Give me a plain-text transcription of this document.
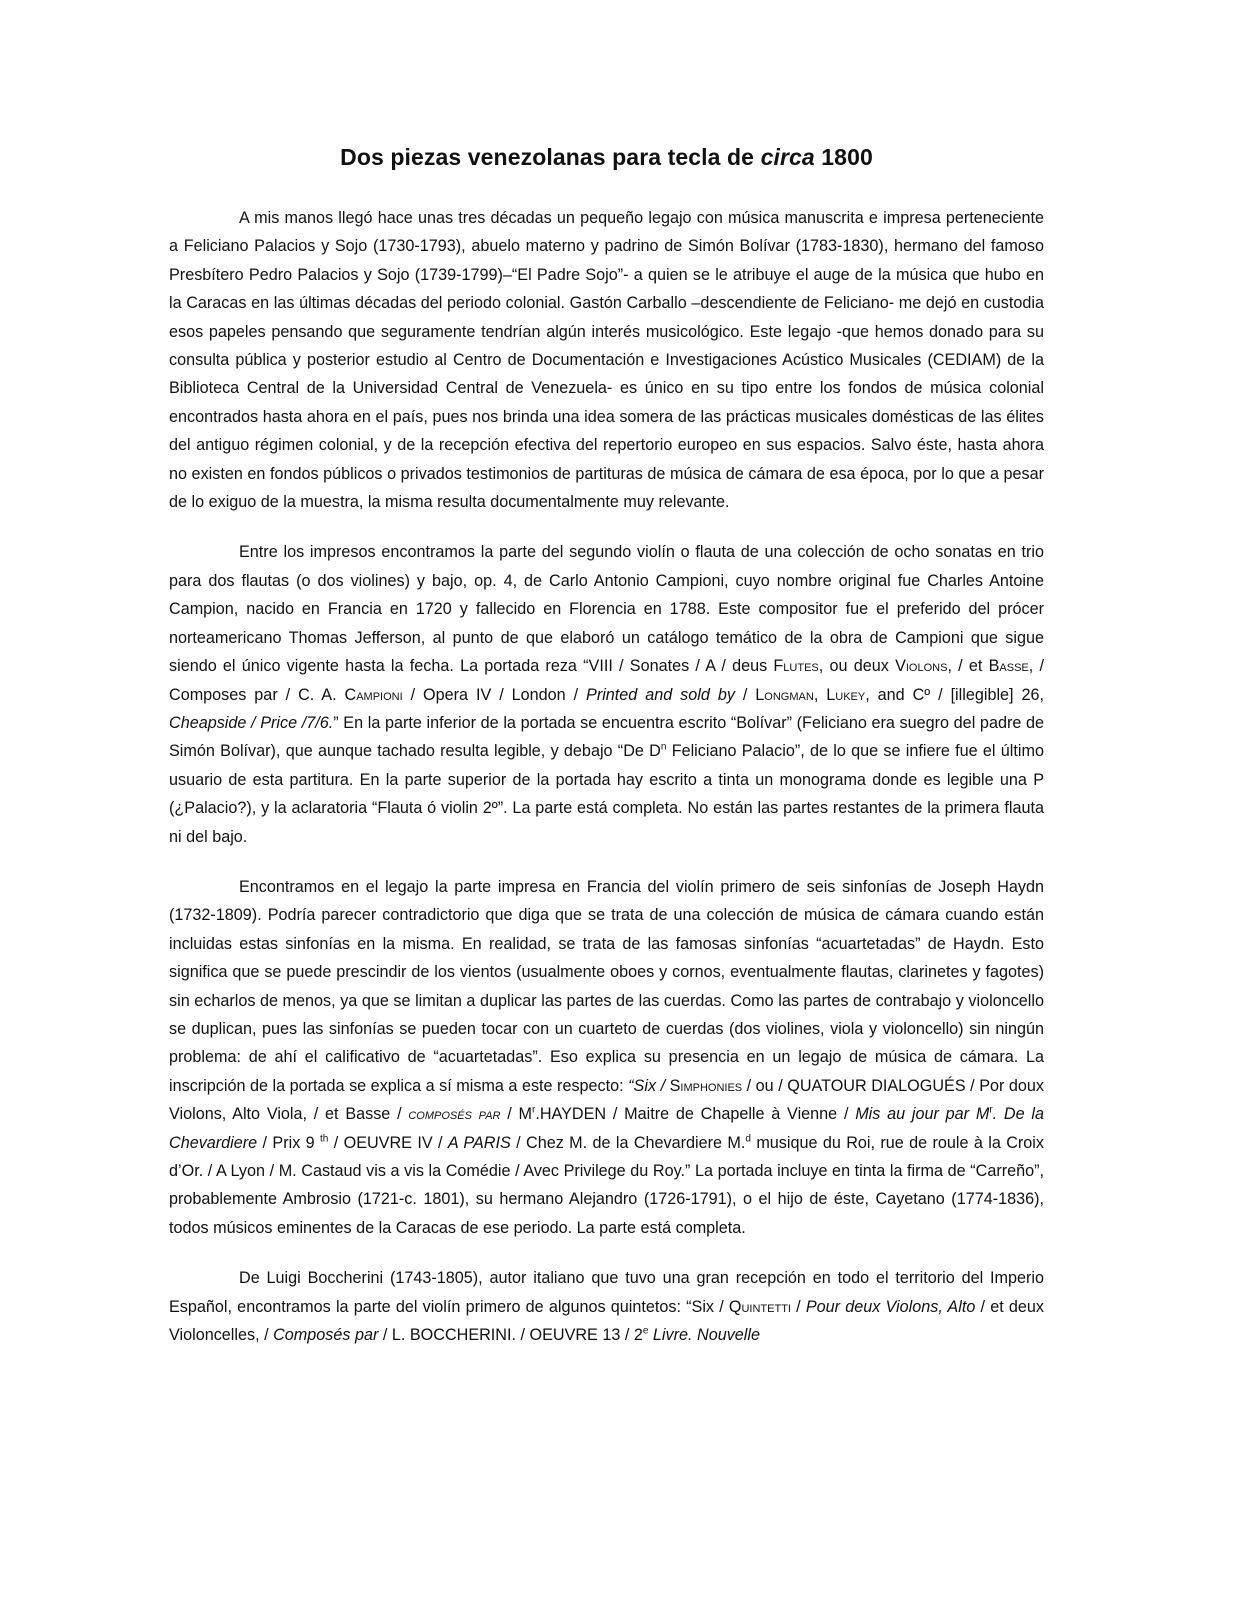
Dos piezas venezolanas para tecla de circa 1800

A mis manos llegó hace unas tres décadas un pequeño legajo con música manuscrita e impresa perteneciente a Feliciano Palacios y Sojo (1730-1793), abuelo materno y padrino de Simón Bolívar (1783-1830), hermano del famoso Presbítero Pedro Palacios y Sojo (1739-1799)–“El Padre Sojo”- a quien se le atribuye el auge de la música que hubo en la Caracas en las últimas décadas del periodo colonial. Gastón Carballo –descendiente de Feliciano- me dejó en custodia esos papeles pensando que seguramente tendrían algún interés musicológico. Este legajo -que hemos donado para su consulta pública y posterior estudio al Centro de Documentación e Investigaciones Acústico Musicales (CEDIAM) de la Biblioteca Central de la Universidad Central de Venezuela- es único en su tipo entre los fondos de música colonial encontrados hasta ahora en el país, pues nos brinda una idea somera de las prácticas musicales domésticas de las élites del antiguo régimen colonial, y de la recepción efectiva del repertorio europeo en sus espacios. Salvo éste, hasta ahora no existen en fondos públicos o privados testimonios de partituras de música de cámara de esa época, por lo que a pesar de lo exiguo de la muestra, la misma resulta documentalmente muy relevante.

Entre los impresos encontramos la parte del segundo violín o flauta de una colección de ocho sonatas en trio para dos flautas (o dos violines) y bajo, op. 4, de Carlo Antonio Campioni, cuyo nombre original fue Charles Antoine Campion, nacido en Francia en 1720 y fallecido en Florencia en 1788. Este compositor fue el preferido del prócer norteamericano Thomas Jefferson, al punto de que elaboró un catálogo temático de la obra de Campioni que sigue siendo el único vigente hasta la fecha. La portada reza “VIII / Sonates / A / deus Flutes, ou deux Violons, / et Basse, / Composes par / C. A. Campioni / Opera IV / London / Printed and sold by / Longman, Lukey, and Cº / [illegible] 26, Cheapside / Price /7/6.” En la parte inferior de la portada se encuentra escrito “Bolívar” (Feliciano era suegro del padre de Simón Bolívar), que aunque tachado resulta legible, y debajo “De $D^n$ Feliciano Palacio”, de lo que se infiere fue el último usuario de esta partitura. En la parte superior de la portada hay escrito a tinta un monograma donde es legible una P (¿Palacio?), y la aclaratoria “Flauta ó violin 2º”. La parte está completa. No están las partes restantes de la primera flauta ni del bajo.

Encontramos en el legajo la parte impresa en Francia del violín primero de seis sinfonías de Joseph Haydn (1732-1809). Podría parecer contradictorio que diga que se trata de una colección de música de cámara cuando están incluidas estas sinfonías en la misma. En realidad, se trata de las famosas sinfonías “acuartetadas” de Haydn. Esto significa que se puede prescindir de los vientos (usualmente oboes y cornos, eventualmente flautas, clarinetes y fagotes) sin echarlos de menos, ya que se limitan a duplicar las partes de las cuerdas. Como las partes de contrabajo y violoncello se duplican, pues las sinfonías se pueden tocar con un cuarteto de cuerdas (dos violines, viola y violoncello) sin ningún problema: de ahí el calificativo de “acuartetadas”. Eso explica su presencia en un legajo de música de cámara. La inscripción de la portada se explica a sí misma a este respecto: “Six / Simphonies / ou / QUATOUR DIALOGUÉS / Por doux Violons, Alto Viola, / et Basse / composés par / $M^r.HAYDEN$ / Maitre de Chapelle à Vienne / Mis au jour par $M^r$. De la Chevardiere / Prix 9 $^{th}$ / OEUVRE IV / A PARIS / Chez M. de la Chevardiere M.$^d$ musique du Roi, rue de roule à la Croix d’Or. / A Lyon / M. Castaud vis a vis la Comédie / Avec Privilege du Roy.” La portada incluye en tinta la firma de “Carreño”, probablemente Ambrosio (1721-c. 1801), su hermano Alejandro (1726-1791), o el hijo de éste, Cayetano (1774-1836), todos músicos eminentes de la Caracas de ese periodo. La parte está completa.

De Luigi Boccherini (1743-1805), autor italiano que tuvo una gran recepción en todo el territorio del Imperio Español, encontramos la parte del violín primero de algunos quintetos: “Six / Quintetti / Pour deux Violons, Alto / et deux Violoncelles, / Composés par / L. BOCCHERINI. / OEUVRE 13 / 2e Livre. Nouvelle
